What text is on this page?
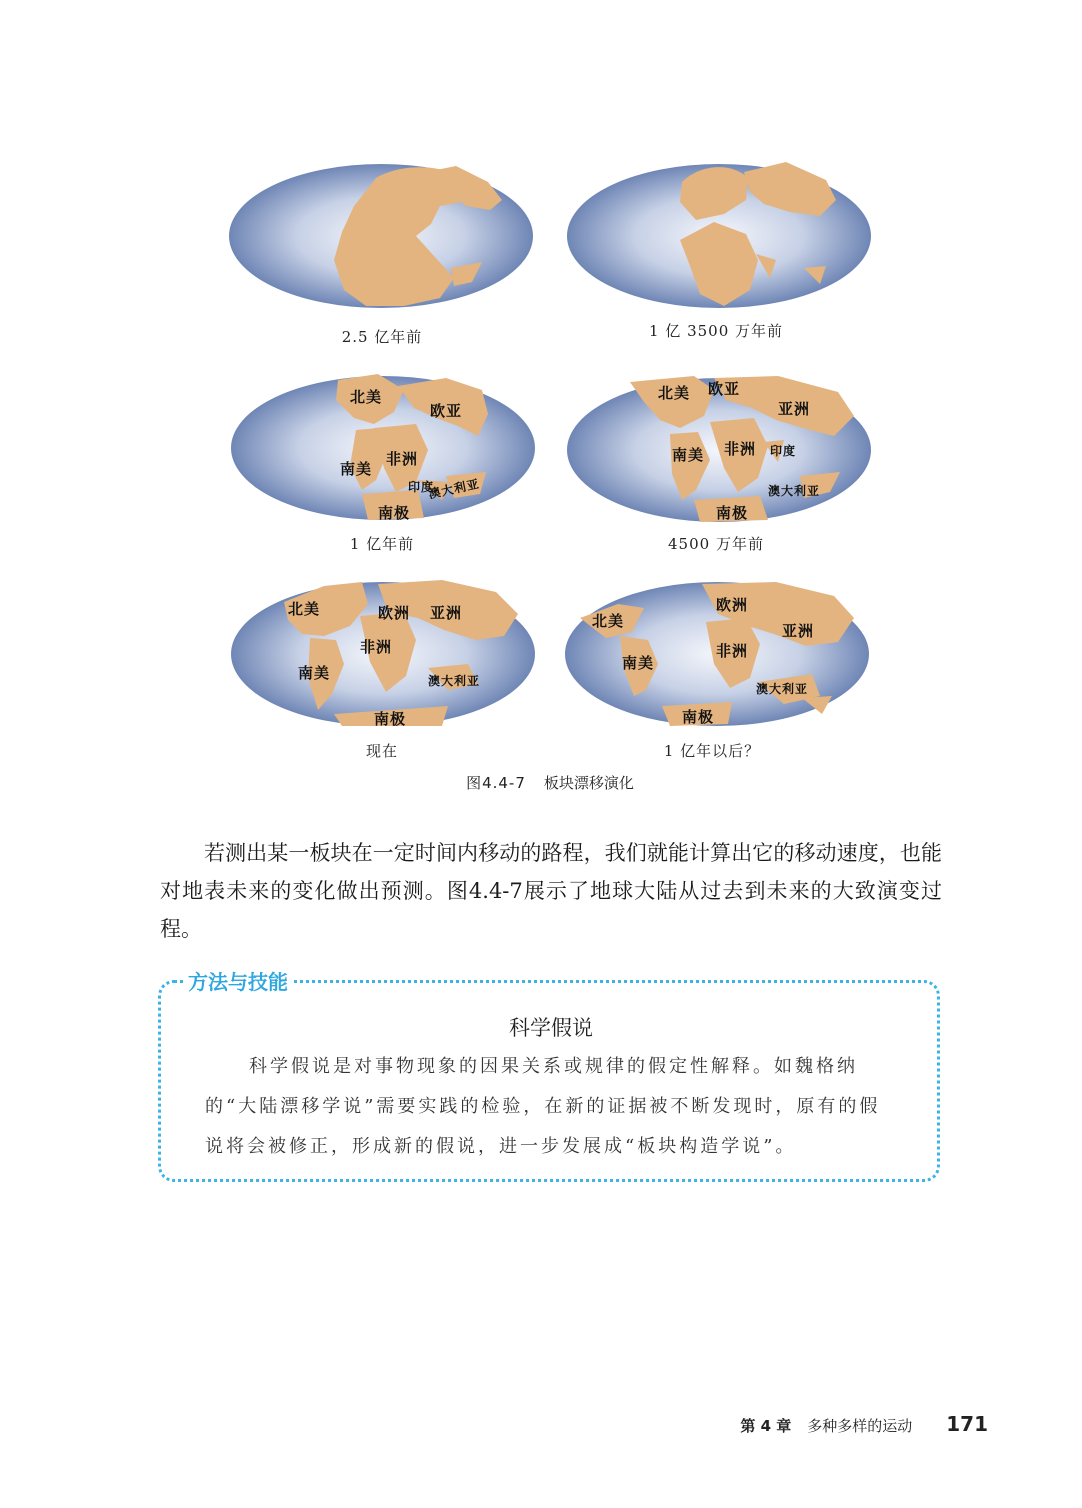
2.5 亿年前	1 亿 3500 万年前
北美
欧亚
南美
非洲
印度
澳大利亚
南极
1 亿年前
北美 欧亚
亚洲
南美 非洲 印度
澳大利亚
南极
4500 万年前
北美	欧洲 亚洲
非洲
南美	澳大利亚
南极
现在
欧洲
北美
亚洲
南美
非洲
澳大利亚
南极
1 亿年以后？
图4.4-7 板块漂移演化
若测出某一板块在一定时间内移动的路程，我们就能计算出它的移动速度，也能对地表未来的变化做出预测。图4.4-7展示了地球大陆从过去到未来的大致演变过程。
方法与技能
科学假说
科学假说是对事物现象的因果关系或规律的假定性解释。如魏格纳的“大陆漂移学说”需要实践的检验，在新的证据被不断发现时，原有的假说将会被修正，形成新的假说，进一步发展成“板块构造学说”。
第 4 章 多种多样的运动 171
